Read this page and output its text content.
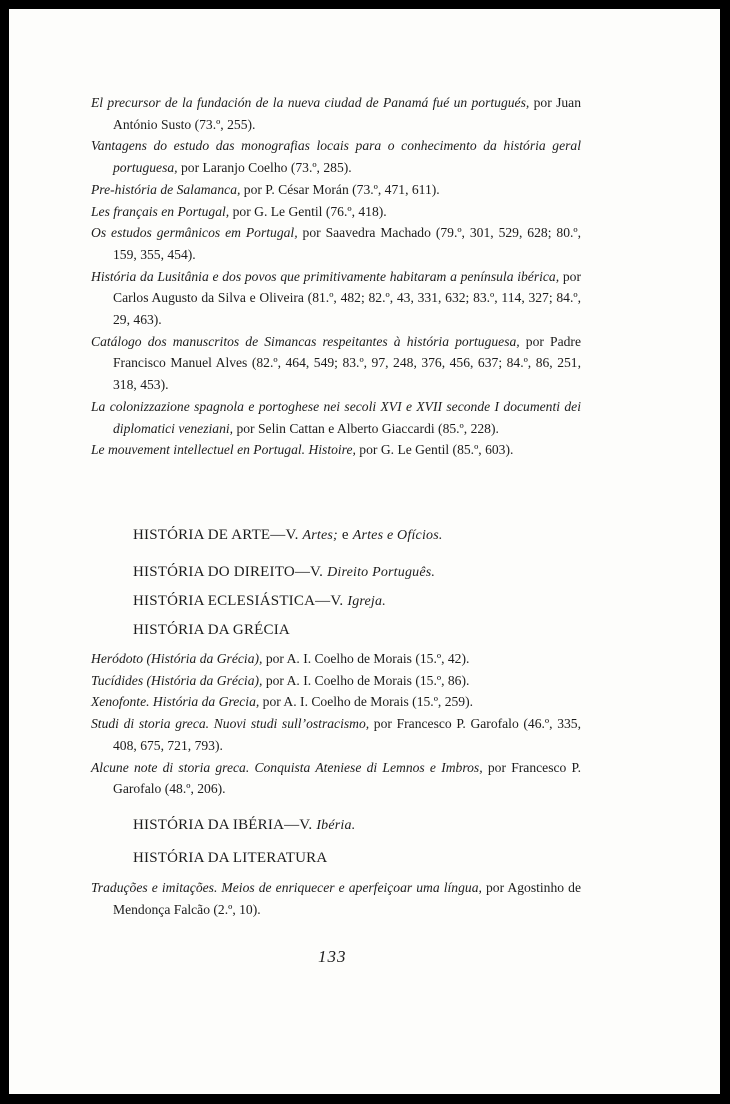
El precursor de la fundación de la nueva ciudad de Panamá fué un portugués, por Juan António Susto (73.º, 255).

Vantagens do estudo das monografias locais para o conhecimento da história geral portuguesa, por Laranjo Coelho (73.º, 285).

Pre-história de Salamanca, por P. César Morán (73.º, 471, 611).

Les français en Portugal, por G. Le Gentil (76.º, 418).

Os estudos germânicos em Portugal, por Saavedra Machado (79.º, 301, 529, 628; 80.º, 159, 355, 454).

História da Lusitânia e dos povos que primitivamente habitaram a península ibérica, por Carlos Augusto da Silva e Oliveira (81.º, 482; 82.º, 43, 331, 632; 83.º, 114, 327; 84.º, 29, 463).

Catálogo dos manuscritos de Simancas respeitantes à história portuguesa, por Padre Francisco Manuel Alves (82.º, 464, 549; 83.º, 97, 248, 376, 456, 637; 84.º, 86, 251, 318, 453).

La colonizzazione spagnola e portoghese nei secoli XVI e XVII seconde I documenti dei diplomatici veneziani, por Selin Cattan e Alberto Giaccardi (85.º, 228).

Le mouvement intellectuel en Portugal. Histoire, por G. Le Gentil (85.º, 603).

HISTÓRIA DE ARTE—V. Artes; e Artes e Ofícios.
HISTÓRIA DO DIREITO—V. Direito Português.
HISTÓRIA ECLESIÁSTICA—V. Igreja.
HISTÓRIA DA GRÉCIA

Heródoto (História da Grécia), por A. I. Coelho de Morais (15.º, 42).

Tucídides (História da Grécia), por A. I. Coelho de Morais (15.º, 86).

Xenofonte. História da Grecia, por A. I. Coelho de Morais (15.º, 259).

Studi di storia greca. Nuovi studi sull’ostracismo, por Francesco P. Garofalo (46.º, 335, 408, 675, 721, 793).

Alcune note di storia greca. Conquista Ateniese di Lemnos e Imbros, por Francesco P. Garofalo (48.º, 206).

HISTÓRIA DA IBÉRIA—V. Ibéria.
HISTÓRIA DA LITERATURA

Traduções e imitações. Meios de enriquecer e aperfeiçoar uma língua, por Agostinho de Mendonça Falcão (2.º, 10).

133
